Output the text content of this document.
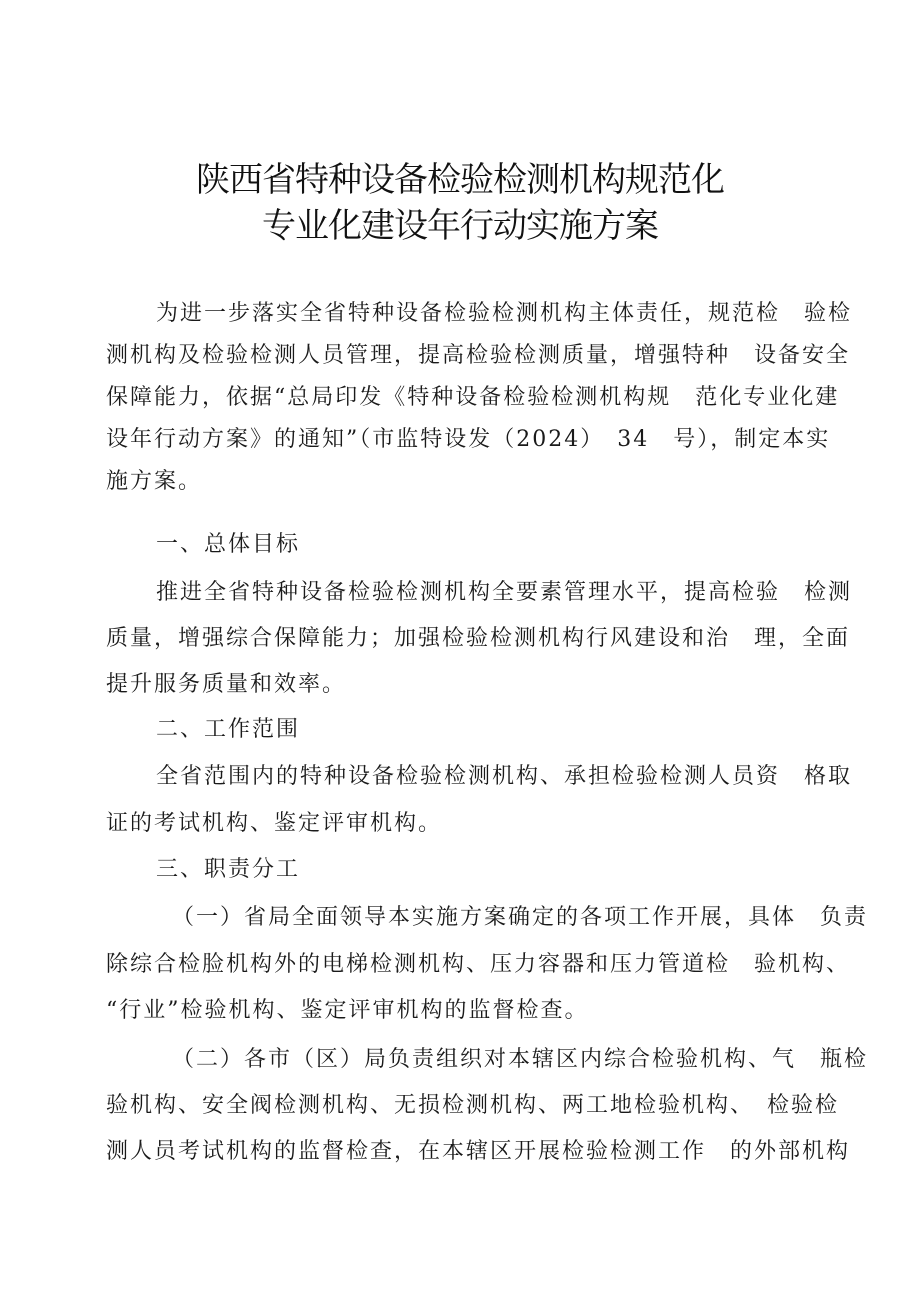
陕西省特种设备检验检测机构规范化
专业化建设年行动实施方案
为进一步落实全省特种设备检验检测机构主体责任，规范检　验检
测机构及检验检测人员管理，提高检验检测质量，增强特种　设备安全
保障能力，依据“总局印发《特种设备检验检测机构规　范化专业化建
设年行动方案》的通知”（市监特设发（2024）　34　号），制定本实
施方案。
一、总体目标
推进全省特种设备检验检测机构全要素管理水平，提高检验　检测
质量，增强综合保障能力；加强检验检测机构行风建设和治　理，全面
提升服务质量和效率。
二、工作范围
全省范围内的特种设备检验检测机构、承担检验检测人员资　格取
证的考试机构、鉴定评审机构。
三、职责分工
（一）省局全面领导本实施方案确定的各项工作开展，具体　负责
除综合检脸机构外的电梯检测机构、压力容器和压力管道检　验机构、
“行业”检验机构、鉴定评审机构的监督检查。
（二）各市（区）局负责组织对本辖区内综合检验机构、气　瓶检
验机构、安全阀检测机构、无损检测机构、两工地检验机构、　检验检
测人员考试机构的监督检查，在本辖区开展检验检测工作　的外部机构
